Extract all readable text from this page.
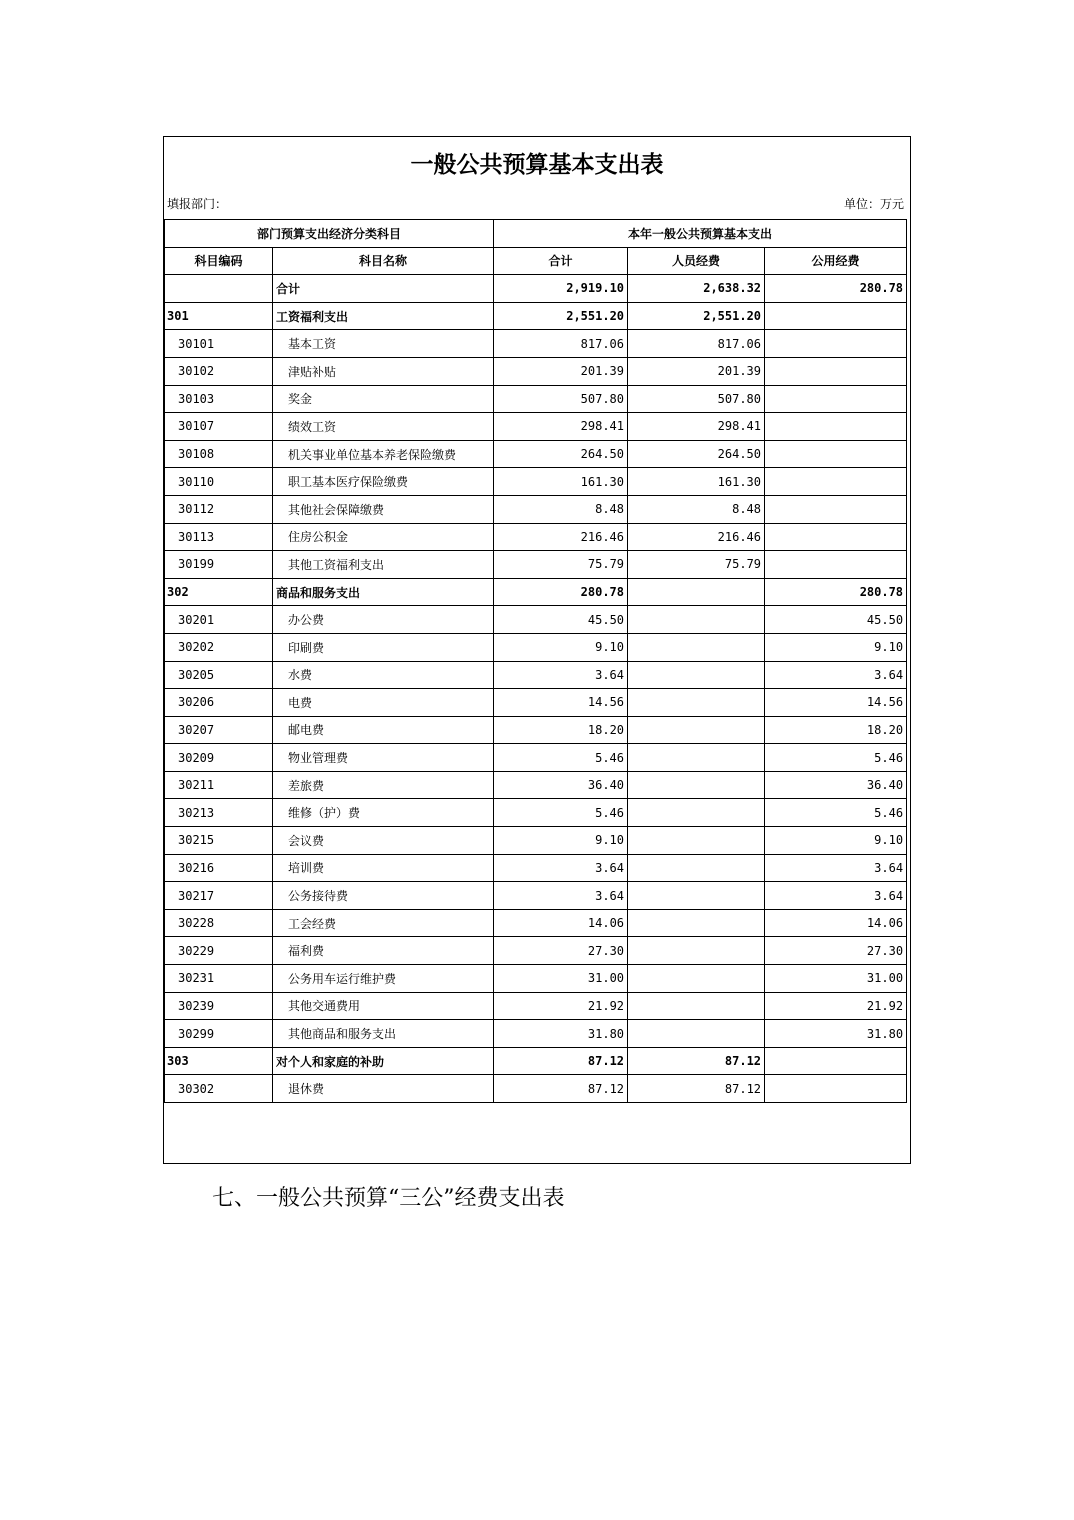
一般公共预算基本支出表
填报部门：	单位：万元
部门预算支出经济分类科目		本年一般公共预算基本支出		
科目编码	科目名称	合计	人员经费	公用经费
	合计	2,919.10	2,638.32	280.78
301	工资福利支出	2,551.20	2,551.20	
30101	基本工资	817.06	817.06	
30102	津贴补贴	201.39	201.39	
30103	奖金	507.80	507.80	
30107	绩效工资	298.41	298.41	
30108	机关事业单位基本养老保险缴费	264.50	264.50	
30110	职工基本医疗保险缴费	161.30	161.30	
30112	其他社会保障缴费	8.48	8.48	
30113	住房公积金	216.46	216.46	
30199	其他工资福利支出	75.79	75.79	
302	商品和服务支出	280.78		280.78
30201	办公费	45.50		45.50
30202	印刷费	9.10		9.10
30205	水费	3.64		3.64
30206	电费	14.56		14.56
30207	邮电费	18.20		18.20
30209	物业管理费	5.46		5.46
30211	差旅费	36.40		36.40
30213	维修（护）费	5.46		5.46
30215	会议费	9.10		9.10
30216	培训费	3.64		3.64
30217	公务接待费	3.64		3.64
30228	工会经费	14.06		14.06
30229	福利费	27.30		27.30
30231	公务用车运行维护费	31.00		31.00
30239	其他交通费用	21.92		21.92
30299	其他商品和服务支出	31.80		31.80
303	对个人和家庭的补助	87.12	87.12	
30302	退休费	87.12	87.12	
七、一般公共预算“三公”经费支出表
